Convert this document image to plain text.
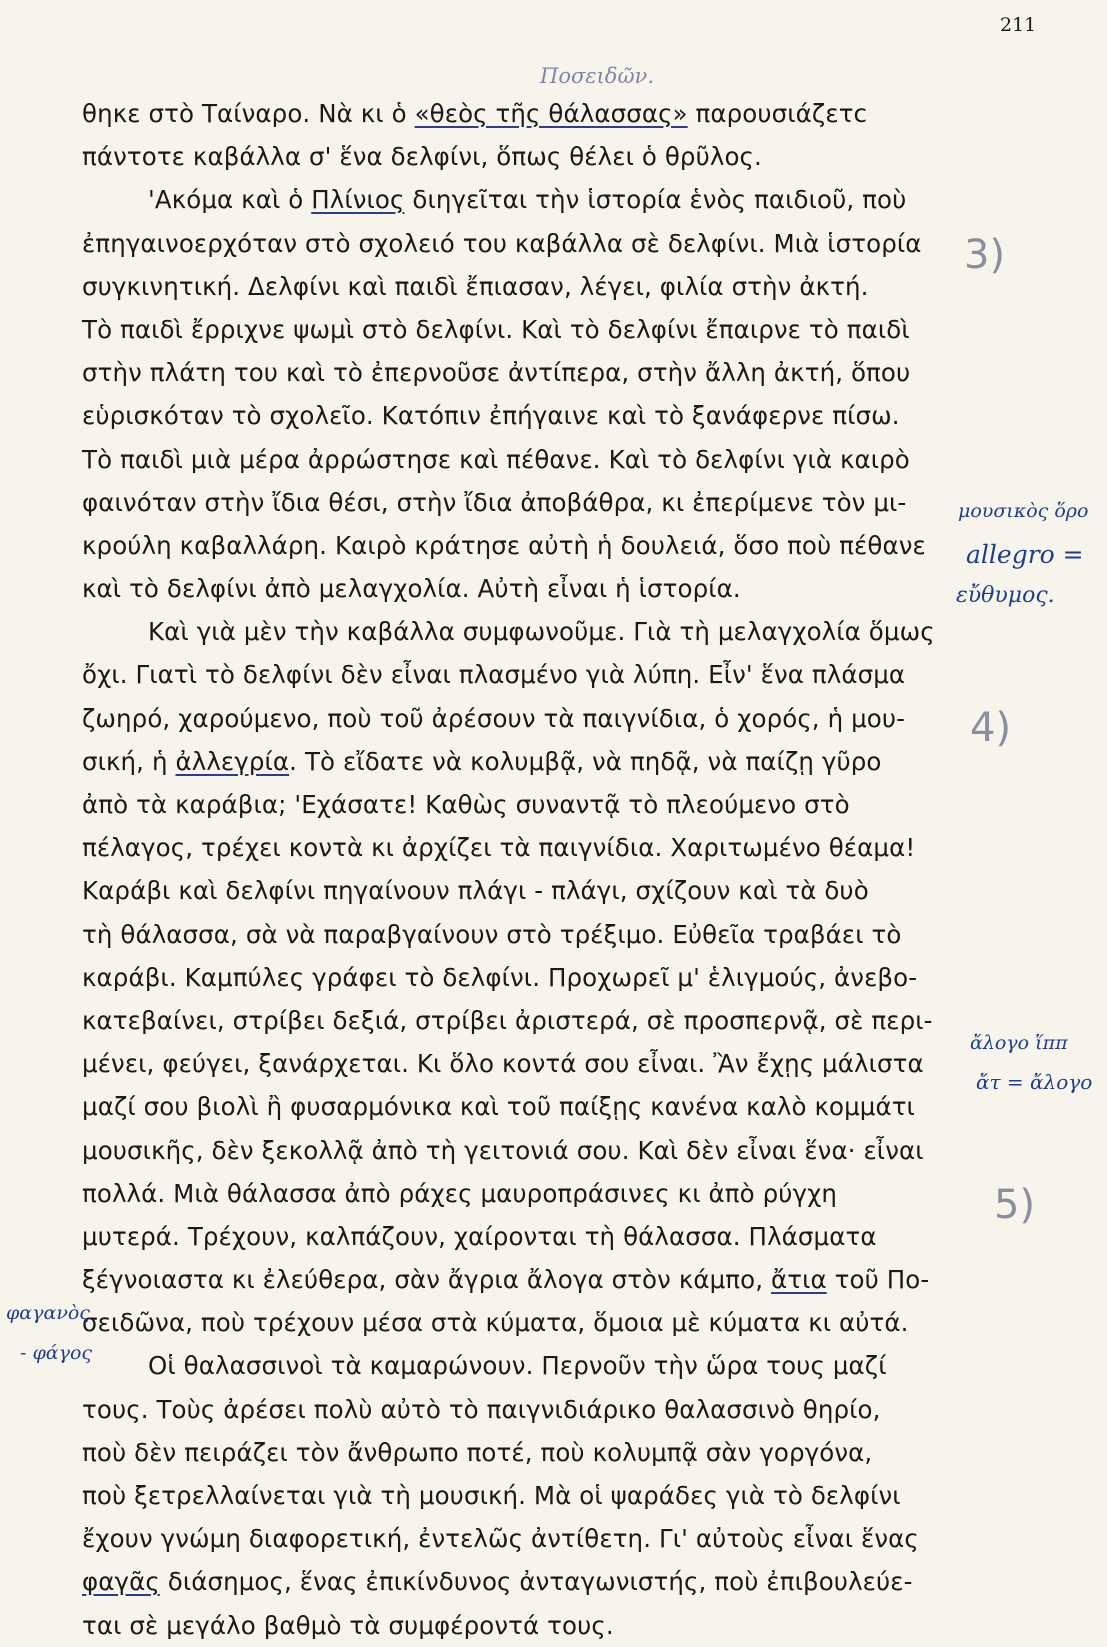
211
Ποσειδῶν.
θηκε στὸ Ταίναρο. Νὰ κι ὁ «θεὸς τῆς θάλασσας» παρουσιάζετc
πάντοτε καβάλλα σ' ἕνα δελφίνι, ὅπως θέλει ὁ θρῦλος.
'Ακόμα καὶ ὁ Πλίνιος διηγεῖται τὴν ἱστορία ἑνὸς παιδιοῦ, ποὺ
ἐπηγαινοερχόταν στὸ σχολειό του καβάλλα σὲ δελφίνι. Μιὰ ἱστορία
συγκινητική. Δελφίνι καὶ παιδὶ ἔπιασαν, λέγει, φιλία στὴν ἀκτή.
Τὸ παιδὶ ἔρριχνε ψωμὶ στὸ δελφίνι. Καὶ τὸ δελφίνι ἔπαιρνε τὸ παιδὶ
στὴν πλάτη του καὶ τὸ ἐπερνοῦσε ἀντίπερα, στὴν ἄλλη ἀκτή, ὅπου
εὑρισκόταν τὸ σχολεῖο. Κατόπιν ἐπήγαινε καὶ τὸ ξανάφερνε πίσω.
Τὸ παιδὶ μιὰ μέρα ἀρρώστησε καὶ πέθανε. Καὶ τὸ δελφίνι γιὰ καιρὸ
φαινόταν στὴν ἴδια θέσι, στὴν ἴδια ἀποβάθρα, κι ἐπερίμενε τὸν μι-
κρούλη καβαλλάρη. Καιρὸ κράτησε αὐτὴ ἡ δουλειά, ὅσο ποὺ πέθανε
καὶ τὸ δελφίνι ἀπὸ μελαγχολία. Αὐτὴ εἶναι ἡ ἱστορία.
Καὶ γιὰ μὲν τὴν καβάλλα συμφωνοῦμε. Γιὰ τὴ μελαγχολία ὅμως
ὄχι. Γιατὶ τὸ δελφίνι δὲν εἶναι πλασμένο γιὰ λύπη. Εἶν' ἕνα πλάσμα
ζωηρό, χαρούμενο, ποὺ τοῦ ἀρέσουν τὰ παιγνίδια, ὁ χορός, ἡ μου-
σική, ἡ ἀλλεγρία. Τὸ εἴδατε νὰ κολυμβᾷ, νὰ πηδᾷ, νὰ παίζῃ γῦρο
ἀπὸ τὰ καράβια; 'Εχάσατε! Καθὼς συναντᾷ τὸ πλεούμενο στὸ
πέλαγος, τρέχει κοντὰ κι ἀρχίζει τὰ παιγνίδια. Χαριτωμένο θέαμα!
Καράβι καὶ δελφίνι πηγαίνουν πλάγι - πλάγι, σχίζουν καὶ τὰ δυὸ
τὴ θάλασσα, σὰ νὰ παραβγαίνουν στὸ τρέξιμο. Εὐθεῖα τραβάει τὸ
καράβι. Καμπύλες γράφει τὸ δελφίνι. Προχωρεῖ μ' ἑλιγμούς, ἀνεβο-
κατεβαίνει, στρίβει δεξιά, στρίβει ἀριστερά, σὲ προσπερνᾷ, σὲ περι-
μένει, φεύγει, ξανάρχεται. Κι ὅλο κοντά σου εἶναι. Ἂν ἔχῃς μάλιστα
μαζί σου βιολὶ ἢ φυσαρμόνικα καὶ τοῦ παίξῃς κανένα καλὸ κομμάτι
μουσικῆς, δὲν ξεκολλᾷ ἀπὸ τὴ γειτονιά σου. Καὶ δὲν εἶναι ἕνα· εἶναι
πολλά. Μιὰ θάλασσα ἀπὸ ράχες μαυροπράσινες κι ἀπὸ ρύγχη
μυτερά. Τρέχουν, καλπάζουν, χαίρονται τὴ θάλασσα. Πλάσματα
ξέγνοιαστα κι ἐλεύθερα, σὰν ἄγρια ἄλογα στὸν κάμπο, ἄτια τοῦ Πο-
σειδῶνα, ποὺ τρέχουν μέσα στὰ κύματα, ὅμοια μὲ κύματα κι αὐτά.
Οἱ θαλασσινοὶ τὰ καμαρώνουν. Περνοῦν τὴν ὥρα τους μαζί
τους. Τοὺς ἀρέσει πολὺ αὐτὸ τὸ παιγνιδιάρικο θαλασσινὸ θηρίο,
ποὺ δὲν πειράζει τὸν ἄνθρωπο ποτέ, ποὺ κολυμπᾷ σὰν γοργόνα,
ποὺ ξετρελλαίνεται γιὰ τὴ μουσική. Μὰ οἱ ψαράδες γιὰ τὸ δελφίνι
ἔχουν γνώμη διαφορετική, ἐντελῶς ἀντίθετη. Γι' αὐτοὺς εἶναι ἕνας
φαγᾶς διάσημος, ἕνας ἐπικίνδυνος ἀνταγωνιστής, ποὺ ἐπιβουλεύε-
ται σὲ μεγάλο βαθμὸ τὰ συμφέροντά τους.
μουσικὸς ὅρο
allegro =
εὔθυμος.
ἄλογο ἵππ
ἄτ = ἄλογο
φαγανὸς
- φάγος
3)
4)
5)
